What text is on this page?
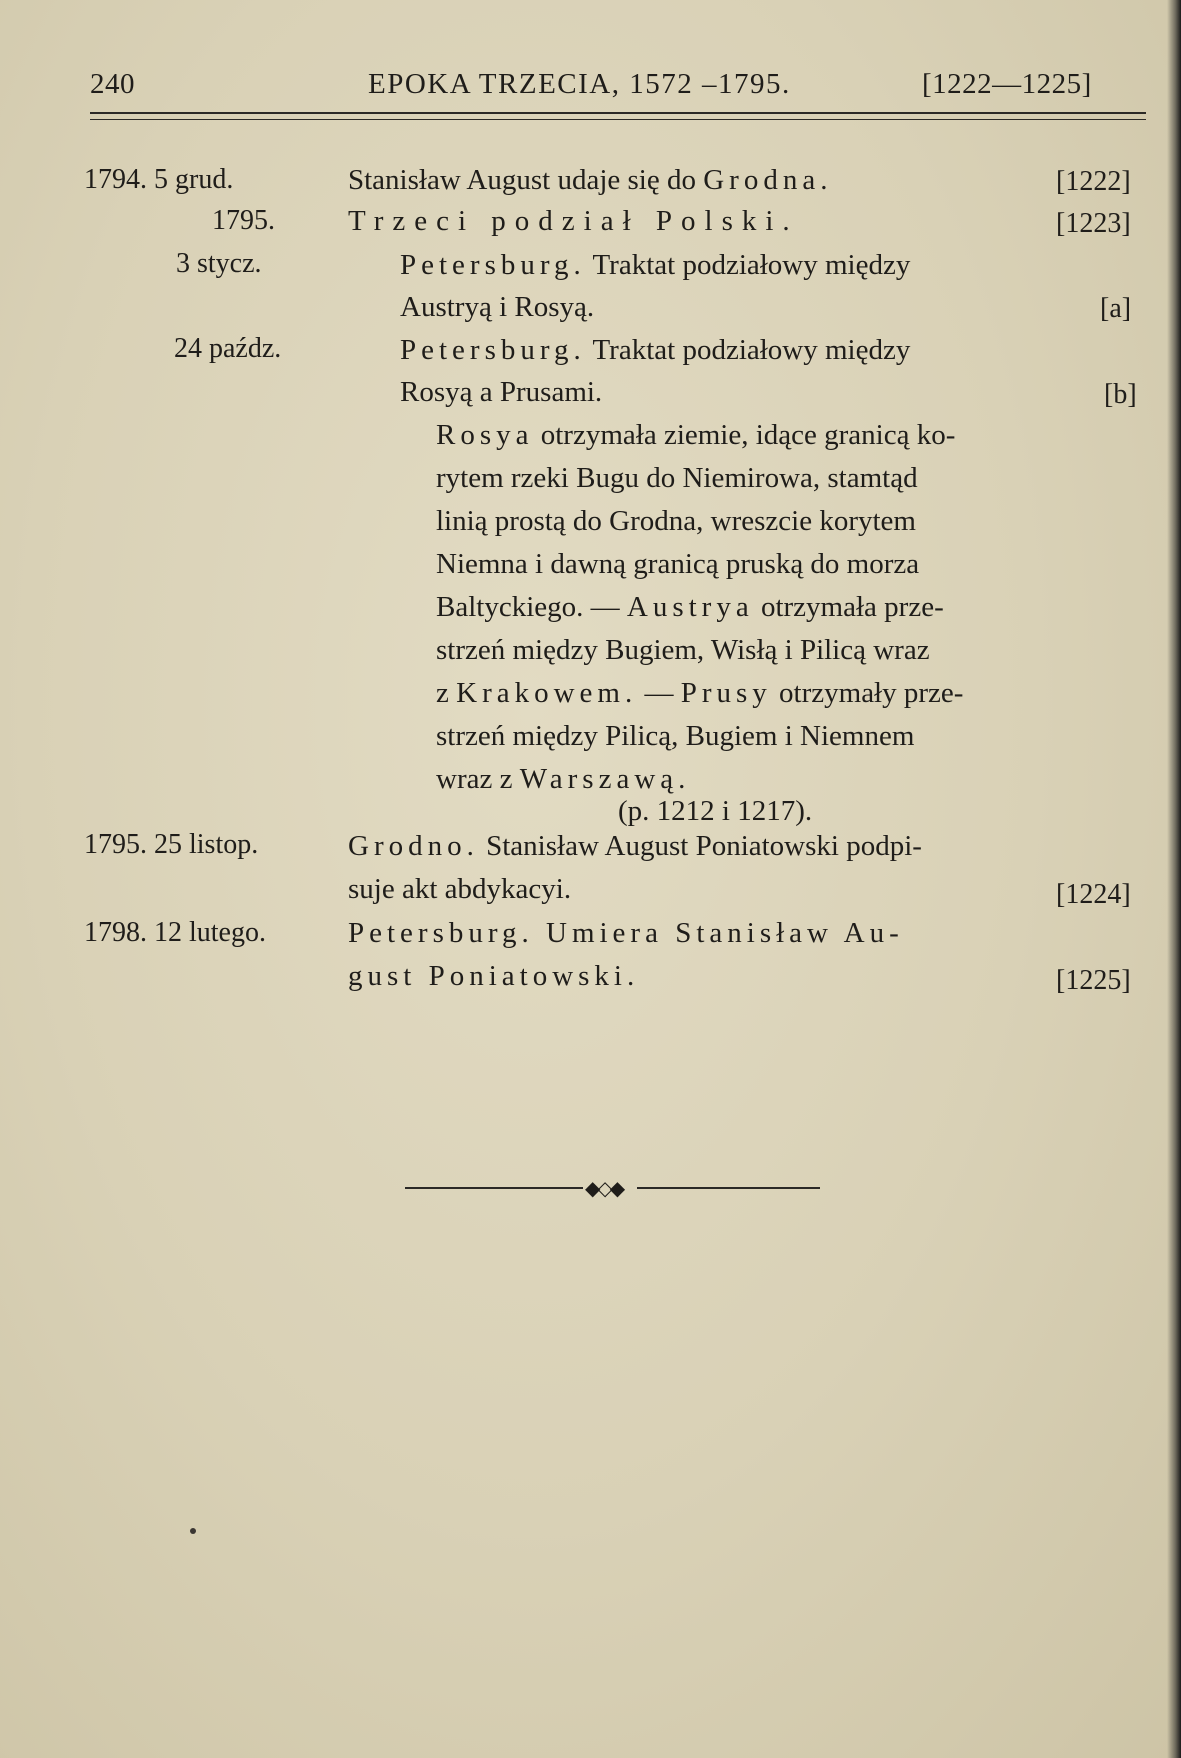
240	EPOKA TRZECIA, 1572 –1795.	[1222—1225]
1794. 5 grud.	Stanisław August udaje się do Grodna.	[1222]
1795.	Trzeci podział Polski.	[1223]
3 stycz.	Petersburg. Traktat podziałowy między
Austryą i Rosyą.	[a]
24 paźdz.	Petersburg. Traktat podziałowy między
Rosyą a Prusami.	[b]
Rosya otrzymała ziemie, idące granicą ko-
rytem rzeki Bugu do Niemirowa, stamtąd
linią prostą do Grodna, wreszcie korytem
Niemna i dawną granicą pruską do morza
Baltyckiego. — Austrya otrzymała prze-
strzeń między Bugiem, Wisłą i Pilicą wraz
z Krakowem. — Prusy otrzymały prze-
strzeń między Pilicą, Bugiem i Niemnem
wraz z Warszawą.
(p. 1212 i 1217).
1795. 25 listop.	Grodno. Stanisław August Poniatowski podpi-
suje akt abdykacyi.	[1224]
1798. 12 lutego.	Petersburg. Umiera Stanisław Au-
gust Poniatowski.	[1225]
◆◇◆
